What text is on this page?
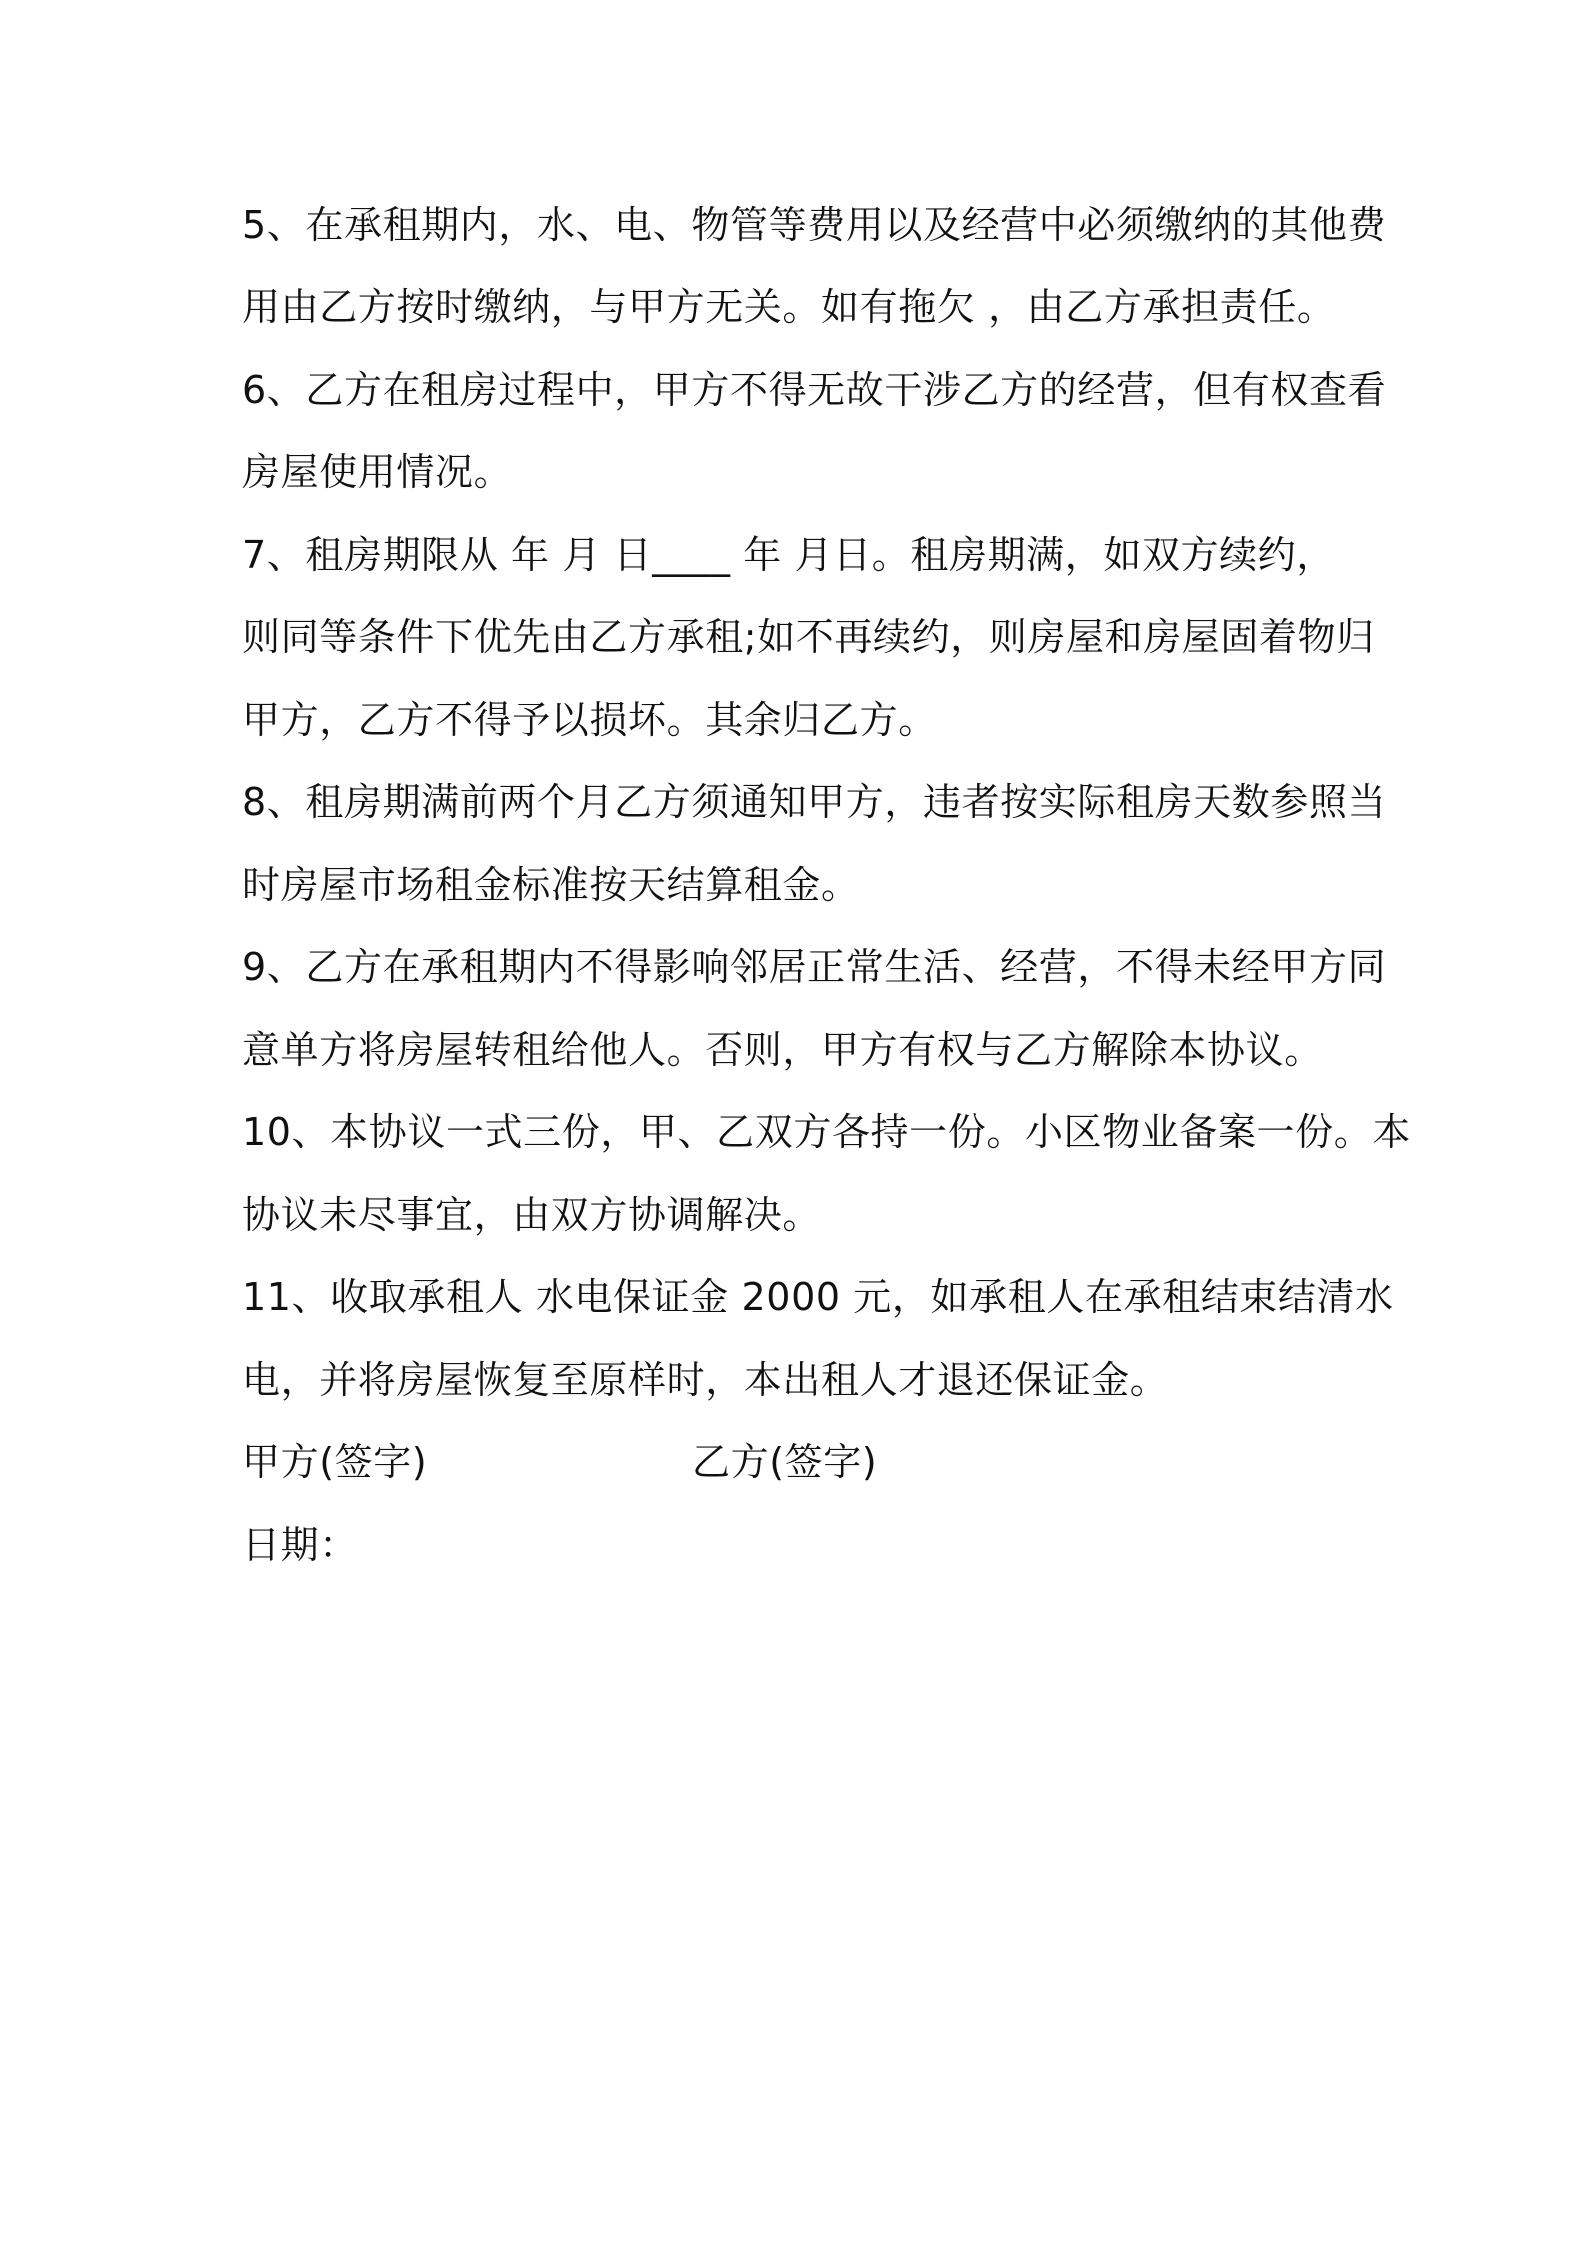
5、在承租期内，水、电、物管等费用以及经营中必须缴纳的其他费
用由乙方按时缴纳，与甲方无关。如有拖欠 ，由乙方承担责任。
6、乙方在租房过程中，甲方不得无故干涉乙方的经营，但有权查看
房屋使用情况。
7、租房期限从 年 月 日____ 年 月日。租房期满，如双方续约，
则同等条件下优先由乙方承租;如不再续约，则房屋和房屋固着物归
甲方，乙方不得予以损坏。其余归乙方。
8、租房期满前两个月乙方须通知甲方，违者按实际租房天数参照当
时房屋市场租金标准按天结算租金。
9、乙方在承租期内不得影响邻居正常生活、经营，不得未经甲方同
意单方将房屋转租给他人。否则，甲方有权与乙方解除本协议。
10、本协议一式三份，甲、乙双方各持一份。小区物业备案一份。本
协议未尽事宜，由双方协调解决。
11、收取承租人 水电保证金 2000 元，如承租人在承租结束结清水
电，并将房屋恢复至原样时，本出租人才退还保证金。
甲方(签字)	乙方(签字)
日期：
